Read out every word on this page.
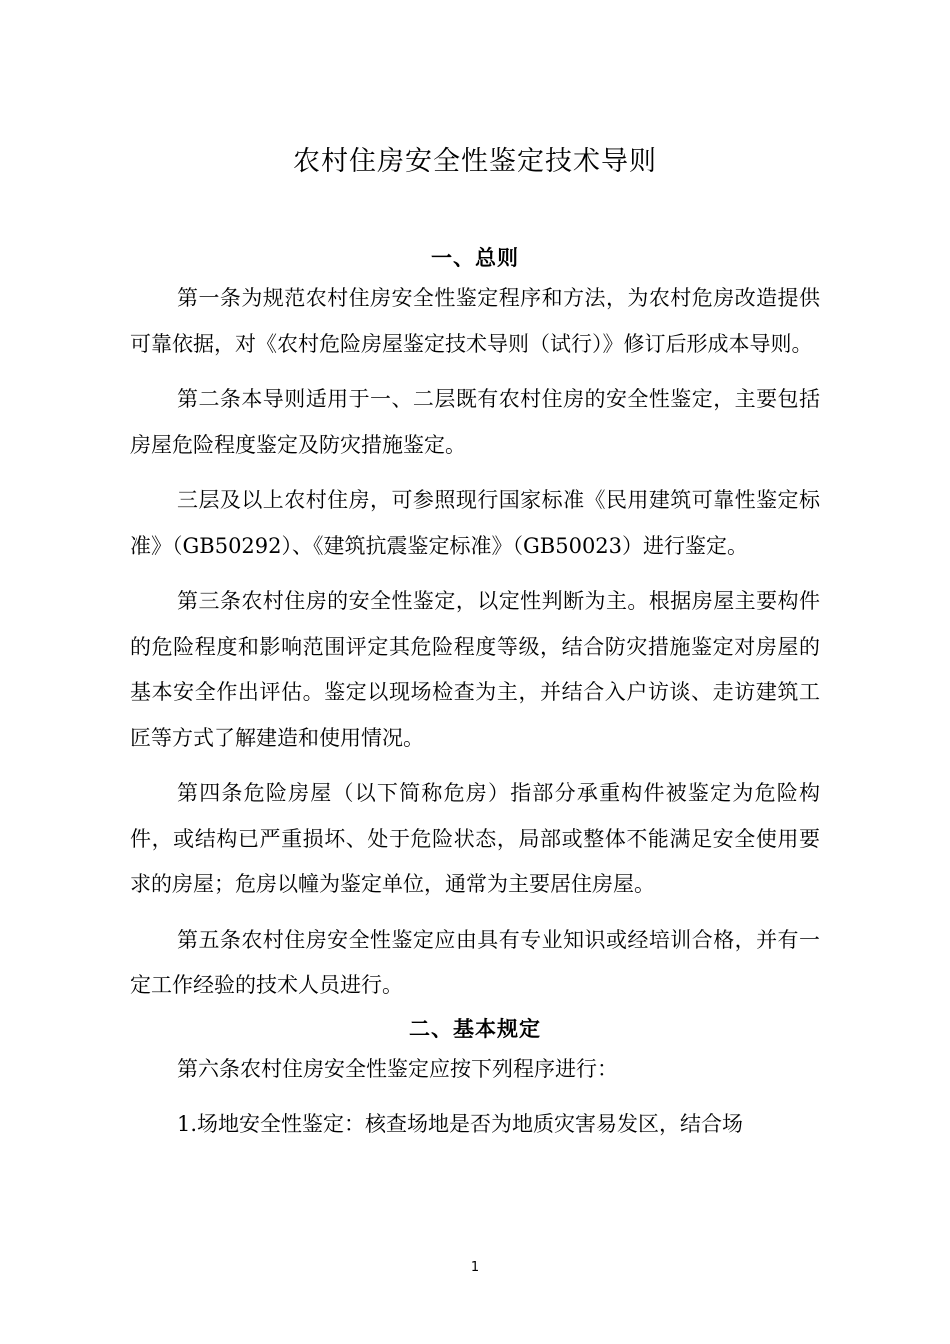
农村住房安全性鉴定技术导则
一、总则

第一条为规范农村住房安全性鉴定程序和方法，为农村危房改造提供可靠依据，对《农村危险房屋鉴定技术导则（试行）》修订后形成本导则。

第二条本导则适用于一、二层既有农村住房的安全性鉴定，主要包括房屋危险程度鉴定及防灾措施鉴定。

三层及以上农村住房，可参照现行国家标准《民用建筑可靠性鉴定标准》（GB50292）、《建筑抗震鉴定标准》（GB50023）进行鉴定。

第三条农村住房的安全性鉴定，以定性判断为主。根据房屋主要构件的危险程度和影响范围评定其危险程度等级，结合防灾措施鉴定对房屋的基本安全作出评估。鉴定以现场检查为主，并结合入户访谈、走访建筑工匠等方式了解建造和使用情况。

第四条危险房屋（以下简称危房）指部分承重构件被鉴定为危险构件，或结构已严重损坏、处于危险状态，局部或整体不能满足安全使用要求的房屋；危房以幢为鉴定单位，通常为主要居住房屋。

第五条农村住房安全性鉴定应由具有专业知识或经培训合格，并有一定工作经验的技术人员进行。

二、基本规定

第六条农村住房安全性鉴定应按下列程序进行：

1.场地安全性鉴定：核查场地是否为地质灾害易发区，结合场

1
